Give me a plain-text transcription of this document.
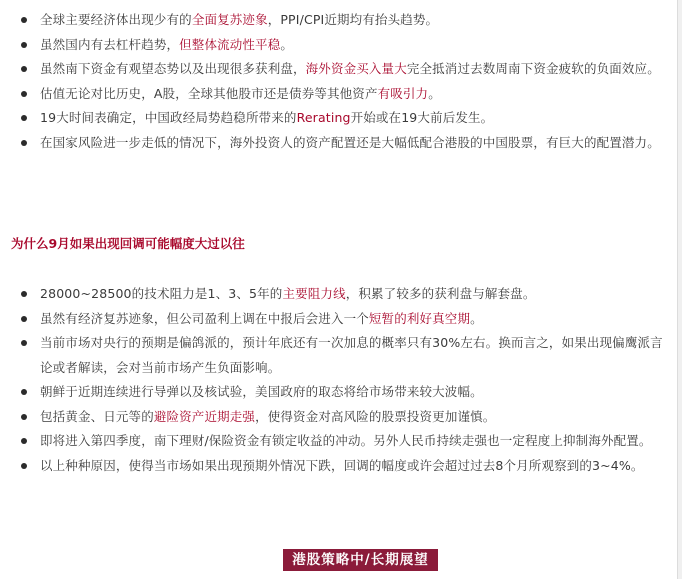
全球主要经济体出现少有的全面复苏迹象，PPI/CPI近期均有抬头趋势。
虽然国内有去杠杆趋势，但整体流动性平稳。
虽然南下资金有观望态势以及出现很多获利盘，海外资金买入量大完全抵消过去数周南下资金疲软的负面效应。
估值无论对比历史，A股，全球其他股市还是债券等其他资产有吸引力。
19大时间表确定，中国政经局势趋稳所带来的Rerating开始或在19大前后发生。
在国家风险进一步走低的情况下，海外投资人的资产配置还是大幅低配合港股的中国股票，有巨大的配置潜力。
为什么9月如果出现回调可能幅度大过以往
28000~28500的技术阻力是1、3、5年的主要阻力线，积累了较多的获利盘与解套盘。
虽然有经济复苏迹象，但公司盈利上调在中报后会进入一个短暂的利好真空期。
当前市场对央行的预期是偏鸽派的，预计年底还有一次加息的概率只有30%左右。换而言之，如果出现偏鹰派言论或者解读，会对当前市场产生负面影响。
朝鲜于近期连续进行导弹以及核试验，美国政府的取态将给市场带来较大波幅。
包括黄金、日元等的避险资产近期走强，使得资金对高风险的股票投资更加谨慎。
即将进入第四季度，南下理财/保险资金有锁定收益的冲动。另外人民币持续走强也一定程度上抑制海外配置。
以上种种原因，使得当市场如果出现预期外情况下跌，回调的幅度或许会超过过去8个月所观察到的3~4%。
港股策略中/长期展望
